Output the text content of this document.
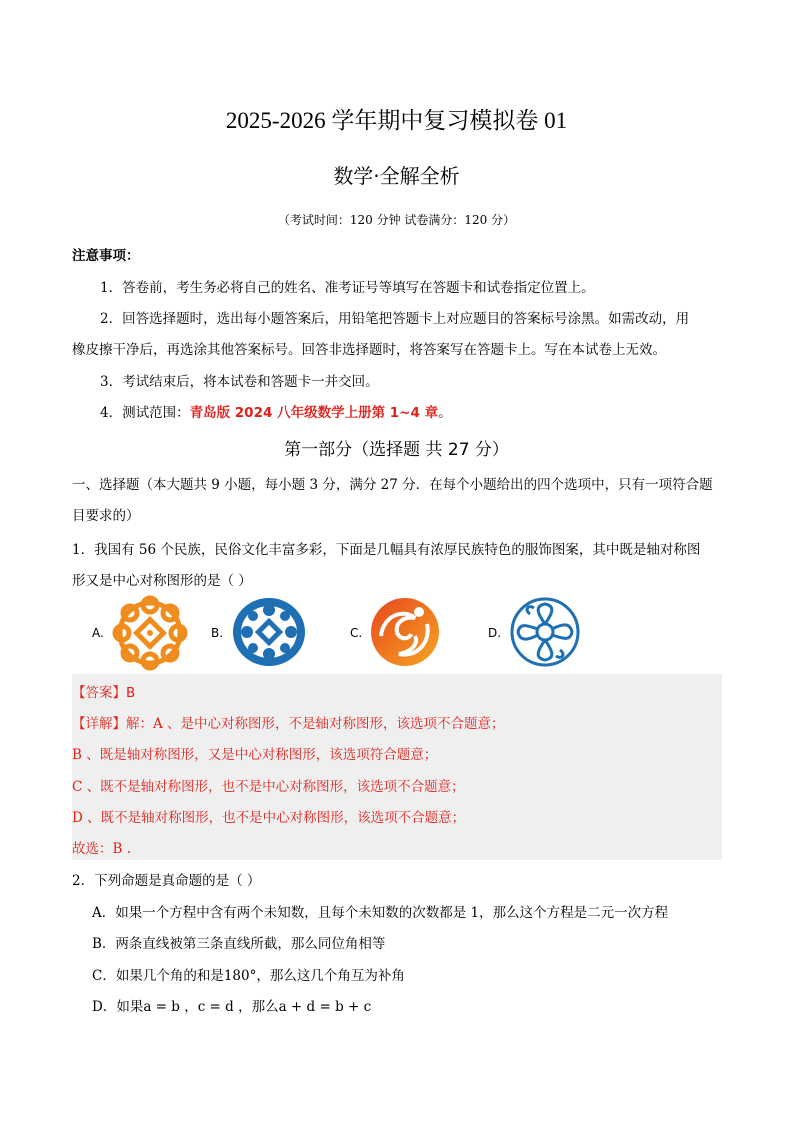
2025-2026 学年期中复习模拟卷 01
数学·全解全析
（考试时间：120 分钟 试卷满分：120 分）
注意事项：
1．答卷前，考生务必将自己的姓名、准考证号等填写在答题卡和试卷指定位置上。
2．回答选择题时，选出每小题答案后，用铅笔把答题卡上对应题目的答案标号涂黑。如需改动，用
橡皮擦干净后，再选涂其他答案标号。回答非选择题时，将答案写在答题卡上。写在本试卷上无效。
3．考试结束后，将本试卷和答题卡一并交回。
4．测试范围：青岛版 2024 八年级数学上册第 1~4 章。
第一部分（选择题 共 27 分）
一、选择题（本大题共 9 小题，每小题 3 分，满分 27 分．在每个小题给出的四个选项中，只有一项符合题
目要求的）
1．我国有 56 个民族，民俗文化丰富多彩，下面是几幅具有浓厚民族特色的服饰图案，其中既是轴对称图
形又是中心对称图形的是（ ）
A.	B.	C.	D.
【答案】B
【详解】解：A 、是中心对称图形，不是轴对称图形，该选项不合题意；
B 、既是轴对称图形，又是中心对称图形，该选项符合题意；
C 、既不是轴对称图形，也不是中心对称图形，该选项不合题意；
D 、既不是轴对称图形，也不是中心对称图形，该选项不合题意；
故选：B .
2．下列命题是真命题的是（ ）
A．如果一个方程中含有两个未知数，且每个未知数的次数都是 1，那么这个方程是二元一次方程
B．两条直线被第三条直线所截，那么同位角相等
C．如果几个角的和是180°，那么这几个角互为补角
D．如果a = b ，c = d ，那么a + d = b + c
